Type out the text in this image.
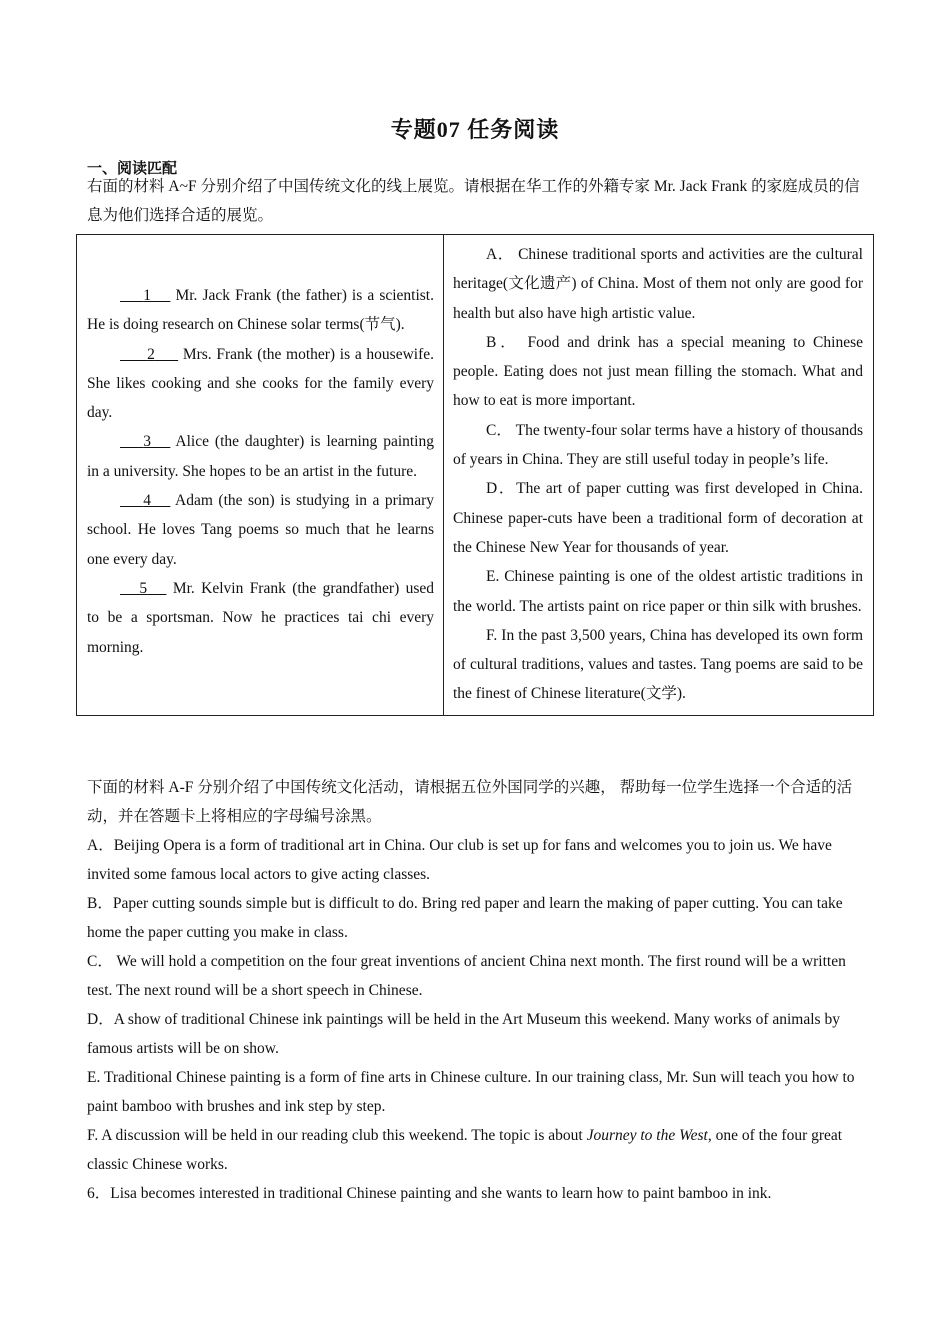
专题07 任务阅读
一、阅读匹配
右面的材料 A~F 分别介绍了中国传统文化的线上展览。请根据在华工作的外籍专家 Mr. Jack Frank 的家庭成员的信息为他们选择合适的展览。

1      Mr. Jack Frank (the father) is a scientist. He is doing research on Chinese solar terms(节气).

2       Mrs. Frank (the mother) is a housewife. She likes cooking and she cooks for the family every day.

3      Alice (the daughter) is learning painting in a university. She hopes to be an artist in the future.

4      Adam (the son) is studying in a primary school. He loves Tang poems so much that he learns one every day.

5      Mr. Kelvin Frank (the grandfather) used to be a sportsman. Now he practices tai chi every morning.

A． Chinese traditional sports and activities are the cultural heritage(文化遗产) of China. Most of them not only are good for health but also have high artistic value.

B． Food and drink has a special meaning to Chinese people. Eating does not just mean filling the stomach. What and how to eat is more important.

C． The twenty-four solar terms have a history of thousands of years in China. They are still useful today in people’s life.

D．The art of paper cutting was first developed in China. Chinese paper-cuts have been a traditional form of decoration at the Chinese New Year for thousands of year.

E. Chinese painting is one of the oldest artistic traditions in the world. The artists paint on rice paper or thin silk with brushes.

F. In the past 3,500 years, China has developed its own form of cultural traditions, values and tastes. Tang poems are said to be the finest of Chinese literature(文学).

下面的材料 A-F 分别介绍了中国传统文化活动，请根据五位外国同学的兴趣， 帮助每一位学生选择一个合适的活动，并在答题卡上将相应的字母编号涂黑。

A．Beijing Opera is a form of traditional art in China. Our club is set up for fans and welcomes you to join us. We have invited some famous local actors to give acting classes.

B．Paper cutting sounds simple but is difficult to do. Bring red paper and learn the making of paper cutting. You can take home the paper cutting you make in class.

C． We will hold a competition on the four great inventions of ancient China next month. The first round will be a written test. The next round will be a short speech in Chinese.

D．A show of traditional Chinese ink paintings will be held in the Art Museum this weekend. Many works of animals by famous artists will be on show.

E. Traditional Chinese painting is a form of fine arts in Chinese culture. In our training class, Mr. Sun will teach you how to paint bamboo with brushes and ink step by step.

F. A discussion will be held in our reading club this weekend. The topic is about Journey to the West, one of the four great classic Chinese works.

6．Lisa becomes interested in traditional Chinese painting and she wants to learn how to paint bamboo in ink.
